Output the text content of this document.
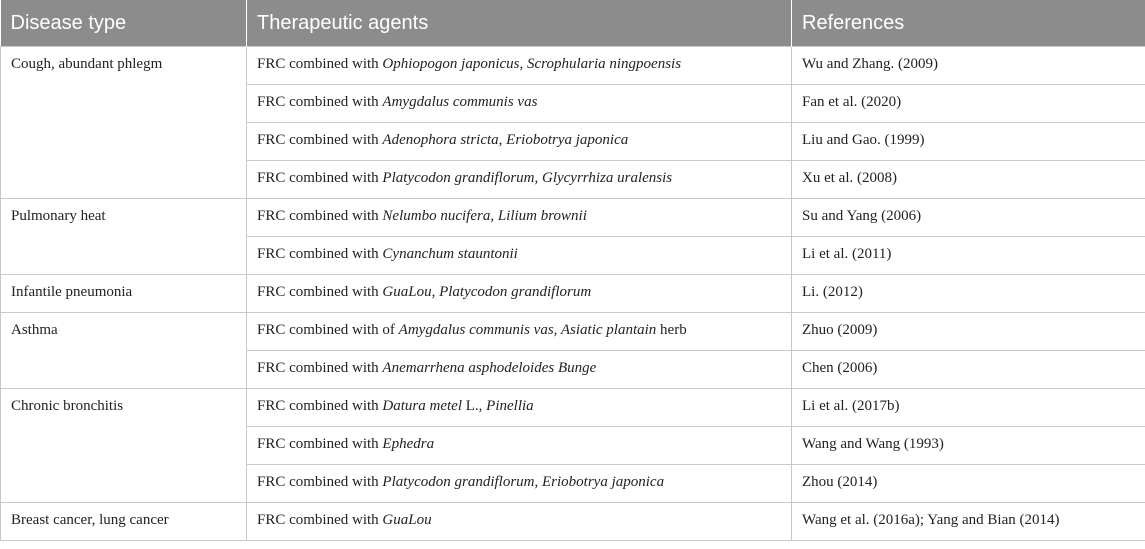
Disease type	Therapeutic agents	References
Cough, abundant phlegm	FRC combined with Ophiopogon japonicus, Scrophularia ningpoensis	Wu and Zhang. (2009)
	FRC combined with Amygdalus communis vas	Fan et al. (2020)
	FRC combined with Adenophora stricta, Eriobotrya japonica	Liu and Gao. (1999)
	FRC combined with Platycodon grandiflorum, Glycyrrhiza uralensis	Xu et al. (2008)
Pulmonary heat	FRC combined with Nelumbo nucifera, Lilium brownii	Su and Yang (2006)
	FRC combined with Cynanchum stauntonii	Li et al. (2011)
Infantile pneumonia	FRC combined with GuaLou, Platycodon grandiflorum	Li. (2012)
Asthma	FRC combined with of Amygdalus communis vas, Asiatic plantain herb	Zhuo (2009)
	FRC combined with Anemarrhena asphodeloides Bunge	Chen (2006)
Chronic bronchitis	FRC combined with Datura metel L., Pinellia	Li et al. (2017b)
	FRC combined with Ephedra	Wang and Wang (1993)
	FRC combined with Platycodon grandiflorum, Eriobotrya japonica	Zhou (2014)
Breast cancer, lung cancer	FRC combined with GuaLou	Wang et al. (2016a); Yang and Bian (2014)
